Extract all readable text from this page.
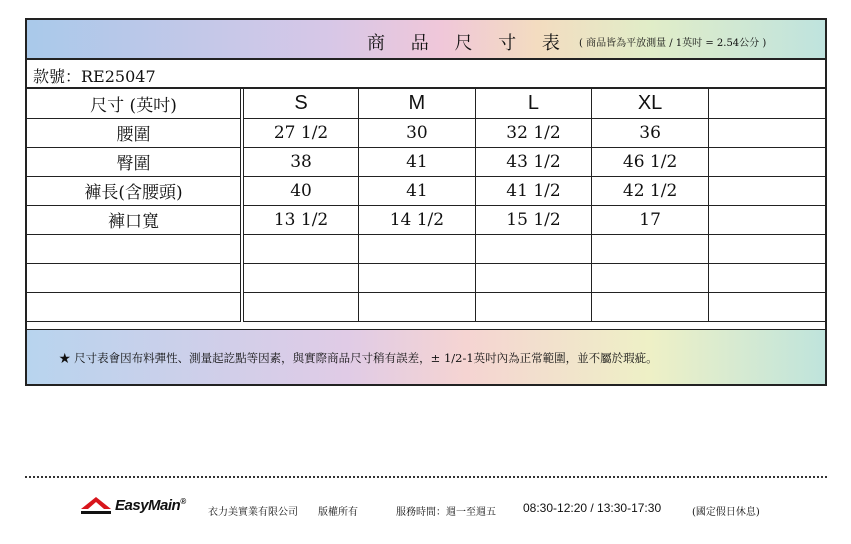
商 品 尺 寸 表 ( 商品皆為平放測量 / 1英吋 = 2.54公分 )
款號：RE25047
尺寸 (英吋)	S	M	L	XL	
腰圍	27 1/2	30	32 1/2	36	
臀圍	38	41	43 1/2	46 1/2	
褲長(含腰頭)	40	41	41 1/2	42 1/2	
褲口寬	13 1/2	14 1/2	15 1/2	17	

★ 尺寸表會因布料彈性、測量起訖點等因素，與實際商品尺寸稍有誤差，± 1/2-1英吋內為正常範圍，並不屬於瑕疵。
EasyMain®
衣力美實業有限公司 版權所有	服務時間：週一至週五 08:30-12:20 / 13:30-17:30	(國定假日休息)
